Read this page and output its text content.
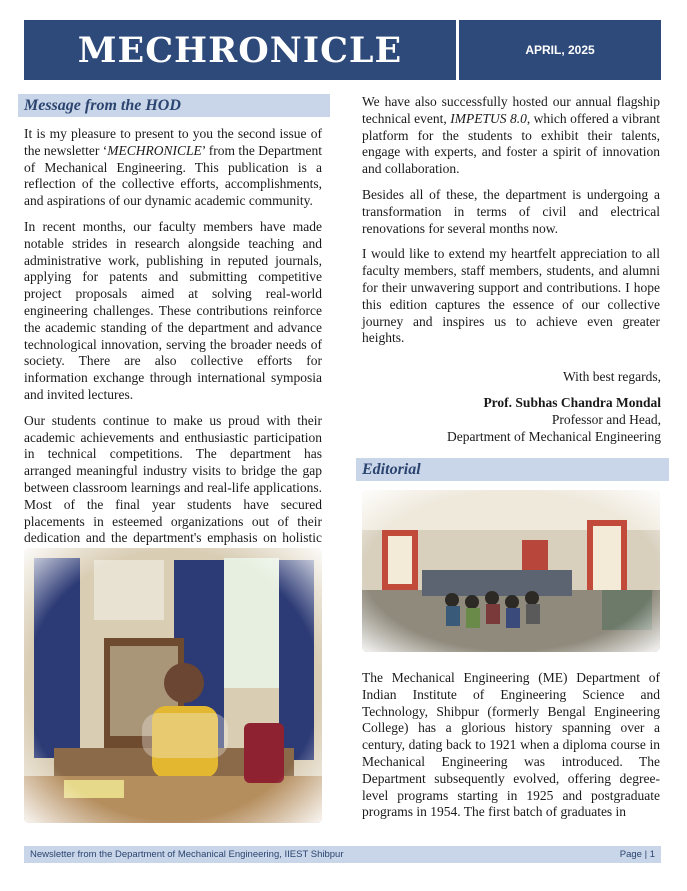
MECHRONICLE	APRIL, 2025
Message from the HOD

It is my pleasure to present to you the second issue of the newsletter ‘MECHRONICLE’ from the Department of Mechanical Engineering. This publication is a reflection of the collective efforts, accomplishments, and aspirations of our dynamic academic community.

In recent months, our faculty members have made notable strides in research alongside teaching and administrative work, publishing in reputed journals, applying for patents and submitting competitive project proposals aimed at solving real-world engineering challenges. These contributions reinforce the academic standing of the department and advance technological innovation, serving the broader needs of society. There are also collective efforts for information exchange through international symposia and invited lectures.

Our students continue to make us proud with their academic achievements and enthusiastic participation in technical competitions. The department has arranged meaningful industry visits to bridge the gap between classroom learnings and real-life applications. Most of the final year students have secured placements in esteemed organizations out of their dedication and the department's emphasis on holistic

We have also successfully hosted our annual flagship technical event, IMPETUS 8.0, which offered a vibrant platform for the students to exhibit their talents, engage with experts, and foster a spirit of innovation and collaboration.

Besides all of these, the department is undergoing a transformation in terms of civil and electrical renovations for several months now.

I would like to extend my heartfelt appreciation to all faculty members, staff members, students, and alumni for their unwavering support and contributions. I hope this edition captures the essence of our collective journey and inspires us to achieve even greater heights.

With best regards,
Prof. Subhas Chandra Mondal
Professor and Head,
Department of Mechanical Engineering
Editorial

The Mechanical Engineering (ME) Department of Indian Institute of Engineering Science and Technology, Shibpur (formerly Bengal Engineering College) has a glorious history spanning over a century, dating back to 1921 when a diploma course in Mechanical Engineering was introduced. The Department subsequently evolved, offering degree-level programs starting in 1925 and postgraduate programs in 1954. The first batch of graduates in

Newsletter from the Department of Mechanical Engineering, IIEST Shibpur	Page | 1
